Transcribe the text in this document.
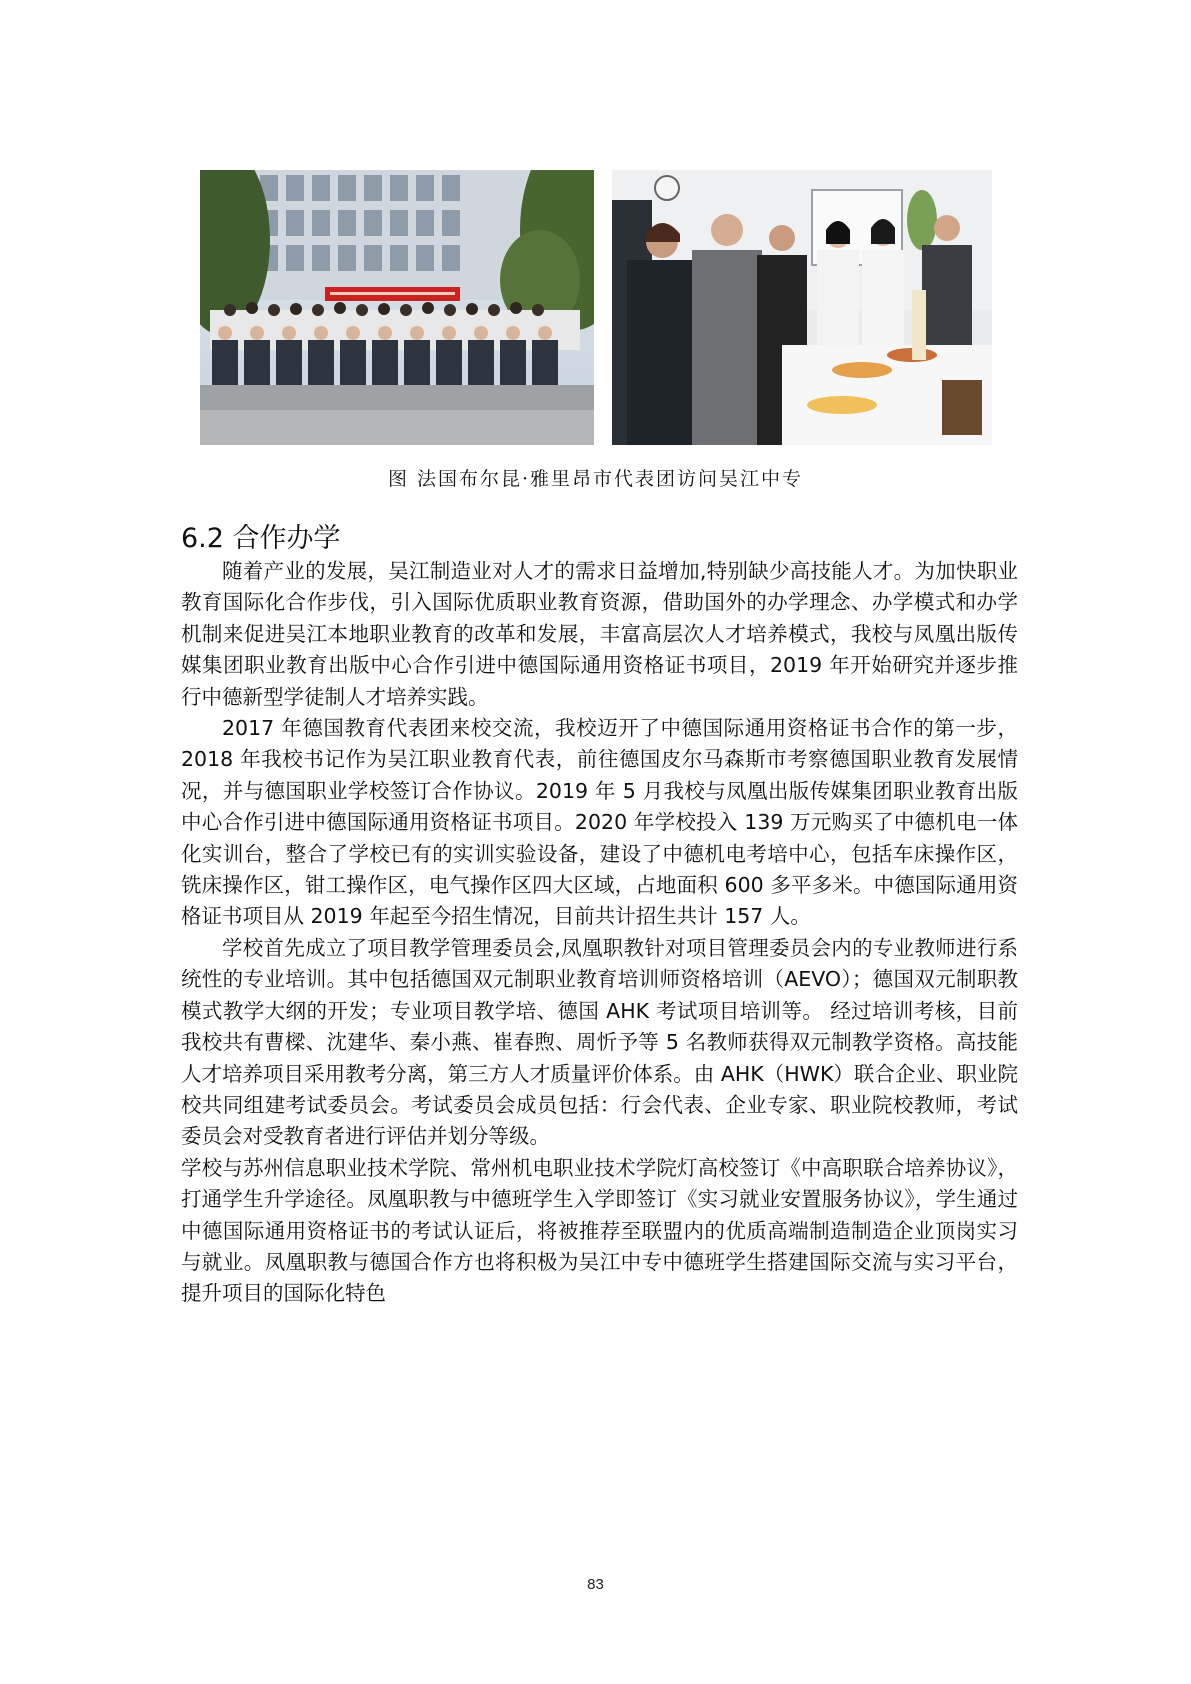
图 法国布尔昆·雅里昂市代表团访问吴江中专
6.2 合作办学

随着产业的发展，吴江制造业对人才的需求日益增加,特别缺少高技能人才。为加快职业教育国际化合作步伐，引入国际优质职业教育资源，借助国外的办学理念、办学模式和办学机制来促进吴江本地职业教育的改革和发展，丰富高层次人才培养模式，我校与凤凰出版传媒集团职业教育出版中心合作引进中德国际通用资格证书项目，2019 年开始研究并逐步推行中德新型学徒制人才培养实践。

2017 年德国教育代表团来校交流，我校迈开了中德国际通用资格证书合作的第一步，2018 年我校书记作为吴江职业教育代表，前往德国皮尔马森斯市考察德国职业教育发展情况，并与德国职业学校签订合作协议。2019 年 5 月我校与凤凰出版传媒集团职业教育出版中心合作引进中德国际通用资格证书项目。2020 年学校投入 139 万元购买了中德机电一体化实训台，整合了学校已有的实训实验设备，建设了中德机电考培中心，包括车床操作区，铣床操作区，钳工操作区，电气操作区四大区域，占地面积 600 多平多米。中德国际通用资格证书项目从 2019 年起至今招生情况，目前共计招生共计 157 人。

学校首先成立了项目教学管理委员会,凤凰职教针对项目管理委员会内的专业教师进行系统性的专业培训。其中包括德国双元制职业教育培训师资格培训（AEVO）；德国双元制职教模式教学大纲的开发；专业项目教学培、德国 AHK 考试项目培训等。 经过培训考核，目前我校共有曹樑、沈建华、秦小燕、崔春煦、周忻予等 5 名教师获得双元制教学资格。高技能人才培养项目采用教考分离，第三方人才质量评价体系。由 AHK（HWK）联合企业、职业院校共同组建考试委员会。考试委员会成员包括：行会代表、企业专家、职业院校教师，考试委员会对受教育者进行评估并划分等级。

学校与苏州信息职业技术学院、常州机电职业技术学院灯高校签订《中高职联合培养协议》，打通学生升学途径。凤凰职教与中德班学生入学即签订《实习就业安置服务协议》，学生通过中德国际通用资格证书的考试认证后，将被推荐至联盟内的优质高端制造制造企业顶岗实习与就业。凤凰职教与德国合作方也将积极为吴江中专中德班学生搭建国际交流与实习平台，提升项目的国际化特色

83
